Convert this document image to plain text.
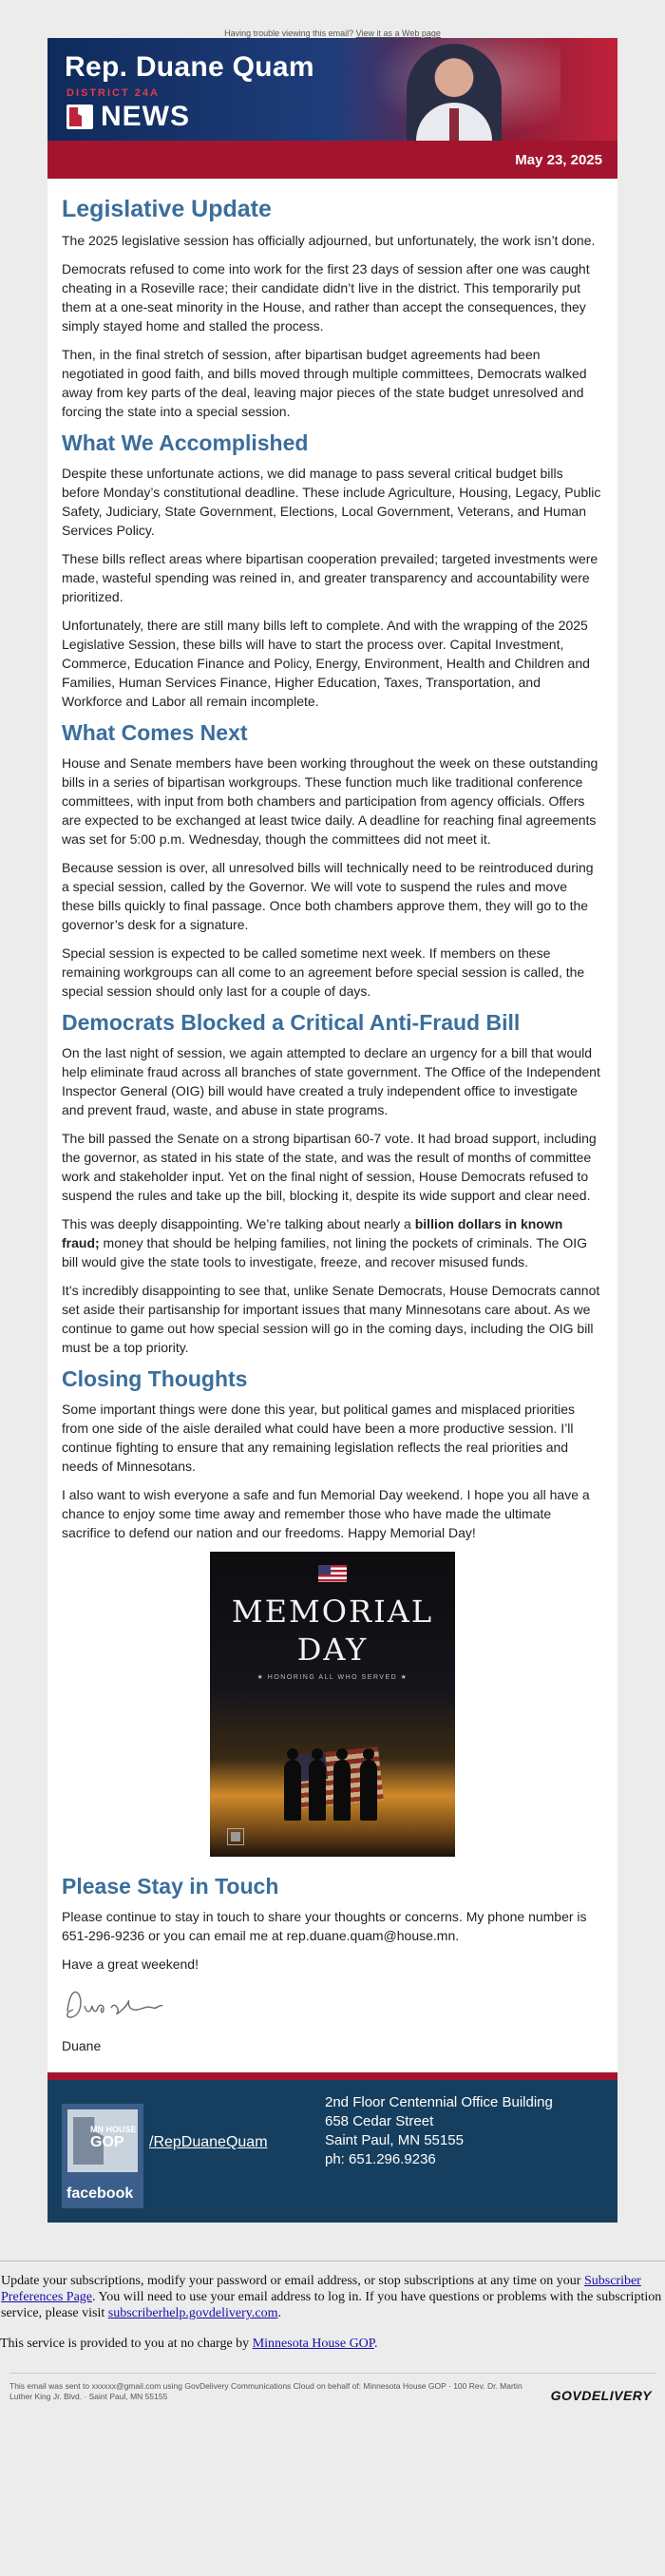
Having trouble viewing this email? View it as a Web page
Rep. Duane Quam
DISTRICT 24A
NEWS
May 23, 2025
Legislative Update

The 2025 legislative session has officially adjourned, but unfortunately, the work isn’t done.

Democrats refused to come into work for the first 23 days of session after one was caught cheating in a Roseville race; their candidate didn’t live in the district. This temporarily put them at a one-seat minority in the House, and rather than accept the consequences, they simply stayed home and stalled the process.

Then, in the final stretch of session, after bipartisan budget agreements had been negotiated in good faith, and bills moved through multiple committees, Democrats walked away from key parts of the deal, leaving major pieces of the state budget unresolved and forcing the state into a special session.

What We Accomplished

Despite these unfortunate actions, we did manage to pass several critical budget bills before Monday’s constitutional deadline. These include Agriculture, Housing, Legacy, Public Safety, Judiciary, State Government, Elections, Local Government, Veterans, and Human Services Policy.

These bills reflect areas where bipartisan cooperation prevailed; targeted investments were made, wasteful spending was reined in, and greater transparency and accountability were prioritized.

Unfortunately, there are still many bills left to complete. And with the wrapping of the 2025 Legislative Session, these bills will have to start the process over. Capital Investment, Commerce, Education Finance and Policy, Energy, Environment, Health and Children and Families, Human Services Finance, Higher Education, Taxes, Transportation, and Workforce and Labor all remain incomplete.

What Comes Next

House and Senate members have been working throughout the week on these outstanding bills in a series of bipartisan workgroups. These function much like traditional conference committees, with input from both chambers and participation from agency officials. Offers are expected to be exchanged at least twice daily. A deadline for reaching final agreements was set for 5:00 p.m. Wednesday, though the committees did not meet it.

Because session is over, all unresolved bills will technically need to be reintroduced during a special session, called by the Governor. We will vote to suspend the rules and move these bills quickly to final passage. Once both chambers approve them, they will go to the governor’s desk for a signature.

Special session is expected to be called sometime next week. If members on these remaining workgroups can all come to an agreement before special session is called, the special session should only last for a couple of days.

Democrats Blocked a Critical Anti-Fraud Bill

On the last night of session, we again attempted to declare an urgency for a bill that would help eliminate fraud across all branches of state government. The Office of the Independent Inspector General (OIG) bill would have created a truly independent office to investigate and prevent fraud, waste, and abuse in state programs.

The bill passed the Senate on a strong bipartisan 60-7 vote. It had broad support, including the governor, as stated in his state of the state, and was the result of months of committee work and stakeholder input. Yet on the final night of session, House Democrats refused to suspend the rules and take up the bill, blocking it, despite its wide support and clear need.

This was deeply disappointing. We’re talking about nearly a billion dollars in known fraud; money that should be helping families, not lining the pockets of criminals. The OIG bill would give the state tools to investigate, freeze, and recover misused funds.

It’s incredibly disappointing to see that, unlike Senate Democrats, House Democrats cannot set aside their partisanship for important issues that many Minnesotans care about. As we continue to game out how special session will go in the coming days, including the OIG bill must be a top priority.

Closing Thoughts

Some important things were done this year, but political games and misplaced priorities from one side of the aisle derailed what could have been a more productive session. I’ll continue fighting to ensure that any remaining legislation reflects the real priorities and needs of Minnesotans.

I also want to wish everyone a safe and fun Memorial Day weekend. I hope you all have a chance to enjoy some time away and remember those who have made the ultimate sacrifice to defend our nation and our freedoms. Happy Memorial Day!

MEMORIAL
DAY
★ HONORING ALL WHO SERVED ★
Please Stay in Touch

Please continue to stay in touch to share your thoughts or concerns. My phone number is 651-296-9236 or you can email me at rep.duane.quam@house.mn.

Have a great weekend!

Duane

MN HOUSE
GOP
facebook
/RepDuaneQuam
2nd Floor Centennial Office Building
658 Cedar Street
Saint Paul, MN 55155
ph: 651.296.9236
Update your subscriptions, modify your password or email address, or stop subscriptions at any time on your Subscriber Preferences Page. You will need to use your email address to log in. If you have questions or problems with the subscription service, please visit subscriberhelp.govdelivery.com.
This service is provided to you at no charge by Minnesota House GOP.
This email was sent to xxxxxx@gmail.com using GovDelivery Communications Cloud on behalf of: Minnesota House GOP · 100 Rev. Dr. Martin Luther King Jr. Blvd. · Saint Paul, MN 55155	GOVDELIVERY
